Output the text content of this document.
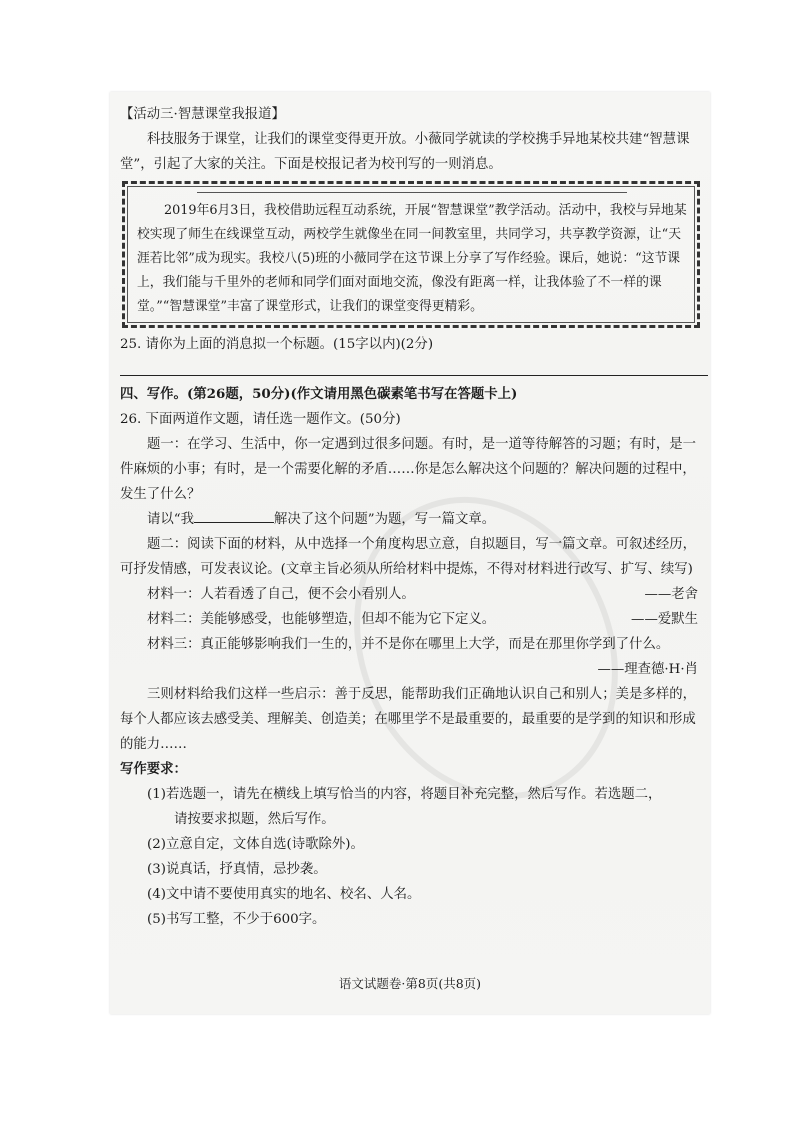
【活动三·智慧课堂我报道】

科技服务于课堂，让我们的课堂变得更开放。小薇同学就读的学校携手异地某校共建“智慧课堂”，引起了大家的关注。下面是校报记者为校刊写的一则消息。

2019年6月3日，我校借助远程互动系统，开展“智慧课堂”教学活动。活动中，我校与异地某校实现了师生在线课堂互动，两校学生就像坐在同一间教室里，共同学习，共享教学资源，让“天涯若比邻”成为现实。我校八(5)班的小薇同学在这节课上分享了写作经验。课后，她说：“这节课上，我们能与千里外的老师和同学们面对面地交流，像没有距离一样，让我体验了不一样的课堂。”“智慧课堂”丰富了课堂形式，让我们的课堂变得更精彩。

25. 请你为上面的消息拟一个标题。(15字以内)(2分)

四、写作。(第26题，50分)(作文请用黑色碳素笔书写在答题卡上)

26. 下面两道作文题，请任选一题作文。(50分)

题一：在学习、生活中，你一定遇到过很多问题。有时，是一道等待解答的习题；有时，是一件麻烦的小事；有时，是一个需要化解的矛盾……你是怎么解决这个问题的？解决问题的过程中，发生了什么？

请以“我	解决了这个问题”为题，写一篇文章。

题二：阅读下面的材料，从中选择一个角度构思立意，自拟题目，写一篇文章。可叙述经历，可抒发情感，可发表议论。(文章主旨必须从所给材料中提炼，不得对材料进行改写、扩写、续写)

材料一：人若看透了自己，便不会小看别人。	——老舍

材料二：美能够感受，也能够塑造，但却不能为它下定义。	——爱默生

材料三：真正能够影响我们一生的，并不是你在哪里上大学，而是在那里你学到了什么。

——理查德·H·肖

三则材料给我们这样一些启示：善于反思，能帮助我们正确地认识自己和别人；美是多样的，每个人都应该去感受美、理解美、创造美；在哪里学不是最重要的，最重要的是学到的知识和形成的能力……

写作要求：

(1)若选题一，请先在横线上填写恰当的内容，将题目补充完整，然后写作。若选题二，

请按要求拟题，然后写作。

(2)立意自定，文体自选(诗歌除外)。

(3)说真话，抒真情，忌抄袭。

(4)文中请不要使用真实的地名、校名、人名。

(5)书写工整，不少于600字。

语文试题卷·第8页(共8页)
